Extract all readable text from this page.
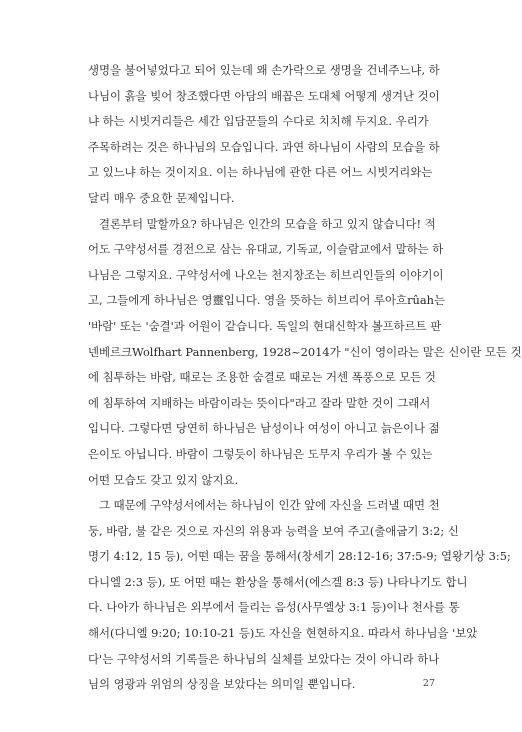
생명을 불어넣었다고 되어 있는데 왜 손가락으로 생명을 건네주느냐, 하
나님이 흙을 빚어 창조했다면 아담의 배꼽은 도대체 어떻게 생겨난 것이
냐 하는 시빗거리들은 세간 입담꾼들의 수다로 치치해 두지요. 우리가
주목하려는 것은 하나님의 모습입니다. 과연 하나님이 사람의 모습을 하
고 있느냐 하는 것이지요. 이는 하나님에 관한 다른 어느 시빗거리와는
달리 매우 중요한 문제입니다.
결론부터 말할까요? 하나님은 인간의 모습을 하고 있지 않습니다! 적
어도 구약성서를 경전으로 삼는 유대교, 기독교, 이슬람교에서 말하는 하
나님은 그렇지요. 구약성서에 나오는 천지창조는 히브리인들의 이야기이
고, 그들에게 하나님은 영靈입니다. 영을 뜻하는 히브리어 루아흐rûah는
'바람' 또는 '숨결'과 어원이 같습니다. 독일의 현대신학자 볼프하르트 판
넨베르크Wolfhart Pannenberg, 1928~2014가 "신이 영이라는 말은 신이란 모든 것
에 침투하는 바람, 때로는 조용한 숨결로 때로는 거센 폭풍으로 모든 것
에 침투하여 지배하는 바람이라는 뜻이다"라고 잘라 말한 것이 그래서
입니다. 그렇다면 당연히 하나님은 남성이나 여성이 아니고 늙은이나 젊
은이도 아닙니다. 바람이 그렇듯이 하나님은 도무지 우리가 볼 수 있는
어떤 모습도 갖고 있지 않지요.
그 때문에 구약성서에서는 하나님이 인간 앞에 자신을 드러낼 때면 천
둥, 바람, 불 같은 것으로 자신의 위용과 능력을 보여 주고(출애굽기 3:2; 신
명기 4:12, 15 등), 어떤 때는 꿈을 통해서(창세기 28:12-16; 37:5-9; 열왕기상 3:5;
다니엘 2:3 등), 또 어떤 때는 환상을 통해서(에스겔 8:3 등) 나타나기도 합니
다. 나아가 하나님은 외부에서 들리는 음성(사무엘상 3:1 등)이나 천사를 통
해서(다니엘 9:20; 10:10-21 등)도 자신을 현현하지요. 따라서 하나님을 '보았
다'는 구약성서의 기록들은 하나님의 실체를 보았다는 것이 아니라 하나
님의 영광과 위엄의 상징을 보았다는 의미일 뿐입니다.	27
